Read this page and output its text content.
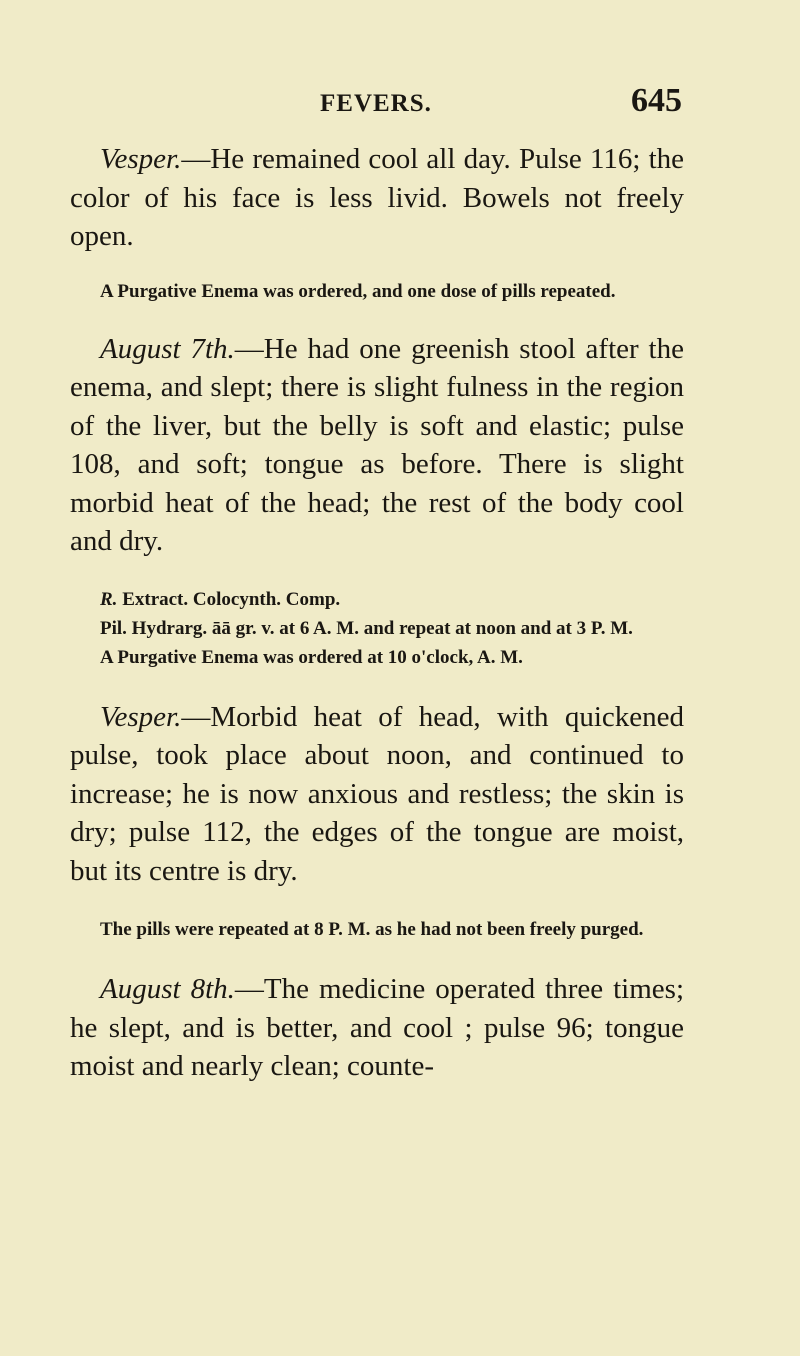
FEVERS.	645

Vesper.—He remained cool all day. Pulse 116; the color of his face is less livid. Bowels not freely open.

A Purgative Enema was ordered, and one dose of pills repeated.

August 7th.—He had one greenish stool after the enema, and slept; there is slight fulness in the region of the liver, but the belly is soft and elastic; pulse 108, and soft; tongue as before. There is slight morbid heat of the head; the rest of the body cool and dry.

R. Extract. Colocynth. Comp.

Pil. Hydrarg. āā gr. v. at 6 A. M. and repeat at noon and at 3 P. M.

A Purgative Enema was ordered at 10 o'clock, A. M.

Vesper.—Morbid heat of head, with quickened pulse, took place about noon, and continued to increase; he is now anxious and restless; the skin is dry; pulse 112, the edges of the tongue are moist, but its centre is dry.

The pills were repeated at 8 P. M. as he had not been freely purged.

August 8th.—The medicine operated three times; he slept, and is better, and cool ; pulse 96; tongue moist and nearly clean; counte-
